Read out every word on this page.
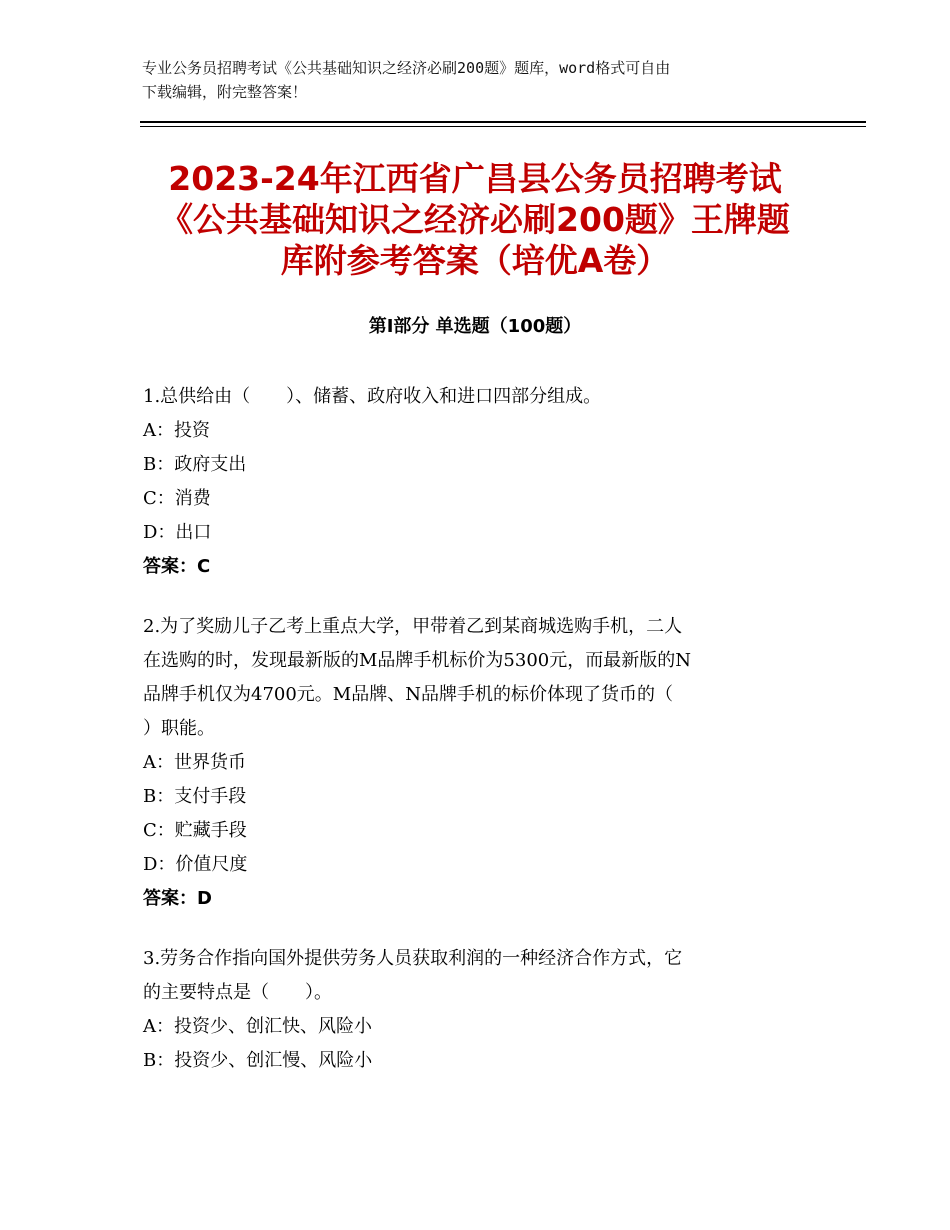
专业公务员招聘考试《公共基础知识之经济必刷200题》题库，word格式可自由
下载编辑，附完整答案！
2023-24年江西省广昌县公务员招聘考试
《公共基础知识之经济必刷200题》王牌题
库附参考答案（培优A卷）
第Ⅰ部分 单选题（100题）
1.总供给由（　　）、储蓄、政府收入和进口四部分组成。
A：投资
B：政府支出
C：消费
D：出口
答案：C
2.为了奖励儿子乙考上重点大学，甲带着乙到某商城选购手机，二人
在选购的时，发现最新版的M品牌手机标价为5300元，而最新版的N
品牌手机仅为4700元。M品牌、N品牌手机的标价体现了货币的（
）职能。
A：世界货币
B：支付手段
C：贮藏手段
D：价值尺度
答案：D
3.劳务合作指向国外提供劳务人员获取利润的一种经济合作方式，它
的主要特点是（　　）。
A：投资少、创汇快、风险小
B：投资少、创汇慢、风险小
